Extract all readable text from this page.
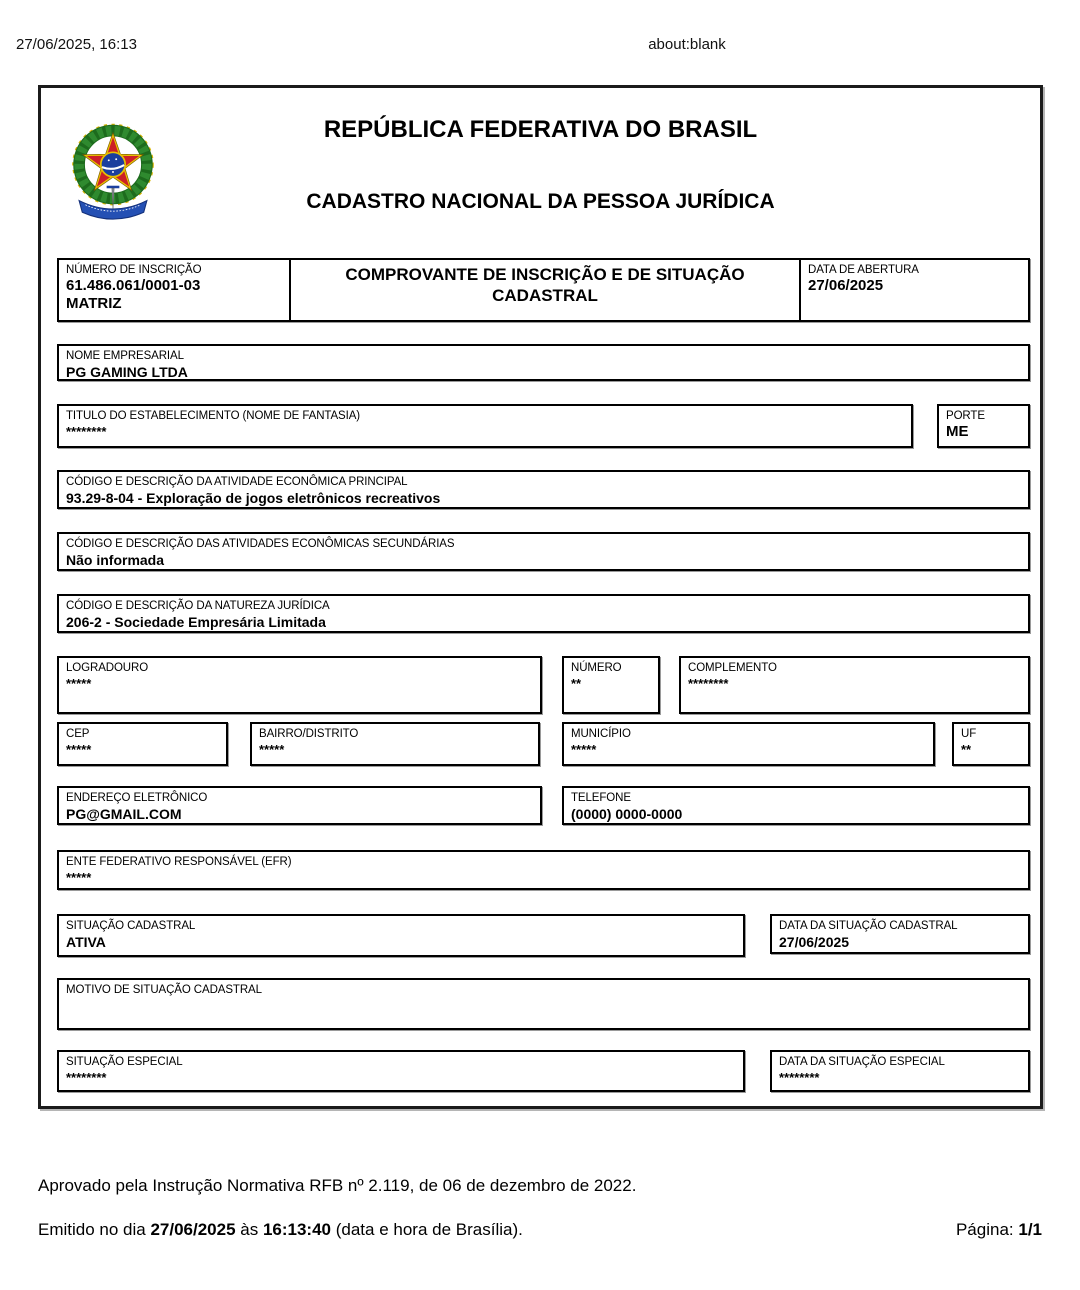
27/06/2025, 16:13	about:blank
REPÚBLICA FEDERATIVA DO BRASIL
CADASTRO NACIONAL DA PESSOA JURÍDICA
NÚMERO DE INSCRIÇÃO
61.486.061/0001-03
MATRIZ
COMPROVANTE DE INSCRIÇÃO E DE SITUAÇÃO
CADASTRAL
DATA DE ABERTURA
27/06/2025
NOME EMPRESARIAL
PG GAMING LTDA
TITULO DO ESTABELECIMENTO (NOME DE FANTASIA)
********
PORTE
ME
CÓDIGO E DESCRIÇÃO DA ATIVIDADE ECONÔMICA PRINCIPAL
93.29-8-04 - Exploração de jogos eletrônicos recreativos
CÓDIGO E DESCRIÇÃO DAS ATIVIDADES ECONÔMICAS SECUNDÁRIAS
Não informada
CÓDIGO E DESCRIÇÃO DA NATUREZA JURÍDICA
206-2 - Sociedade Empresária Limitada
LOGRADOURO
*****
NÚMERO
**
COMPLEMENTO
********
CEP
*****
BAIRRO/DISTRITO
*****
MUNICÍPIO
*****
UF
**
ENDEREÇO ELETRÔNICO
PG@GMAIL.COM
TELEFONE
(0000) 0000-0000
ENTE FEDERATIVO RESPONSÁVEL (EFR)
*****
SITUAÇÃO CADASTRAL
ATIVA
DATA DA SITUAÇÃO CADASTRAL
27/06/2025
MOTIVO DE SITUAÇÃO CADASTRAL
SITUAÇÃO ESPECIAL
********
DATA DA SITUAÇÃO ESPECIAL
********
Aprovado pela Instrução Normativa RFB nº 2.119, de 06 de dezembro de 2022.
Emitido no dia 27/06/2025 às 16:13:40 (data e hora de Brasília).	Página: 1/1
